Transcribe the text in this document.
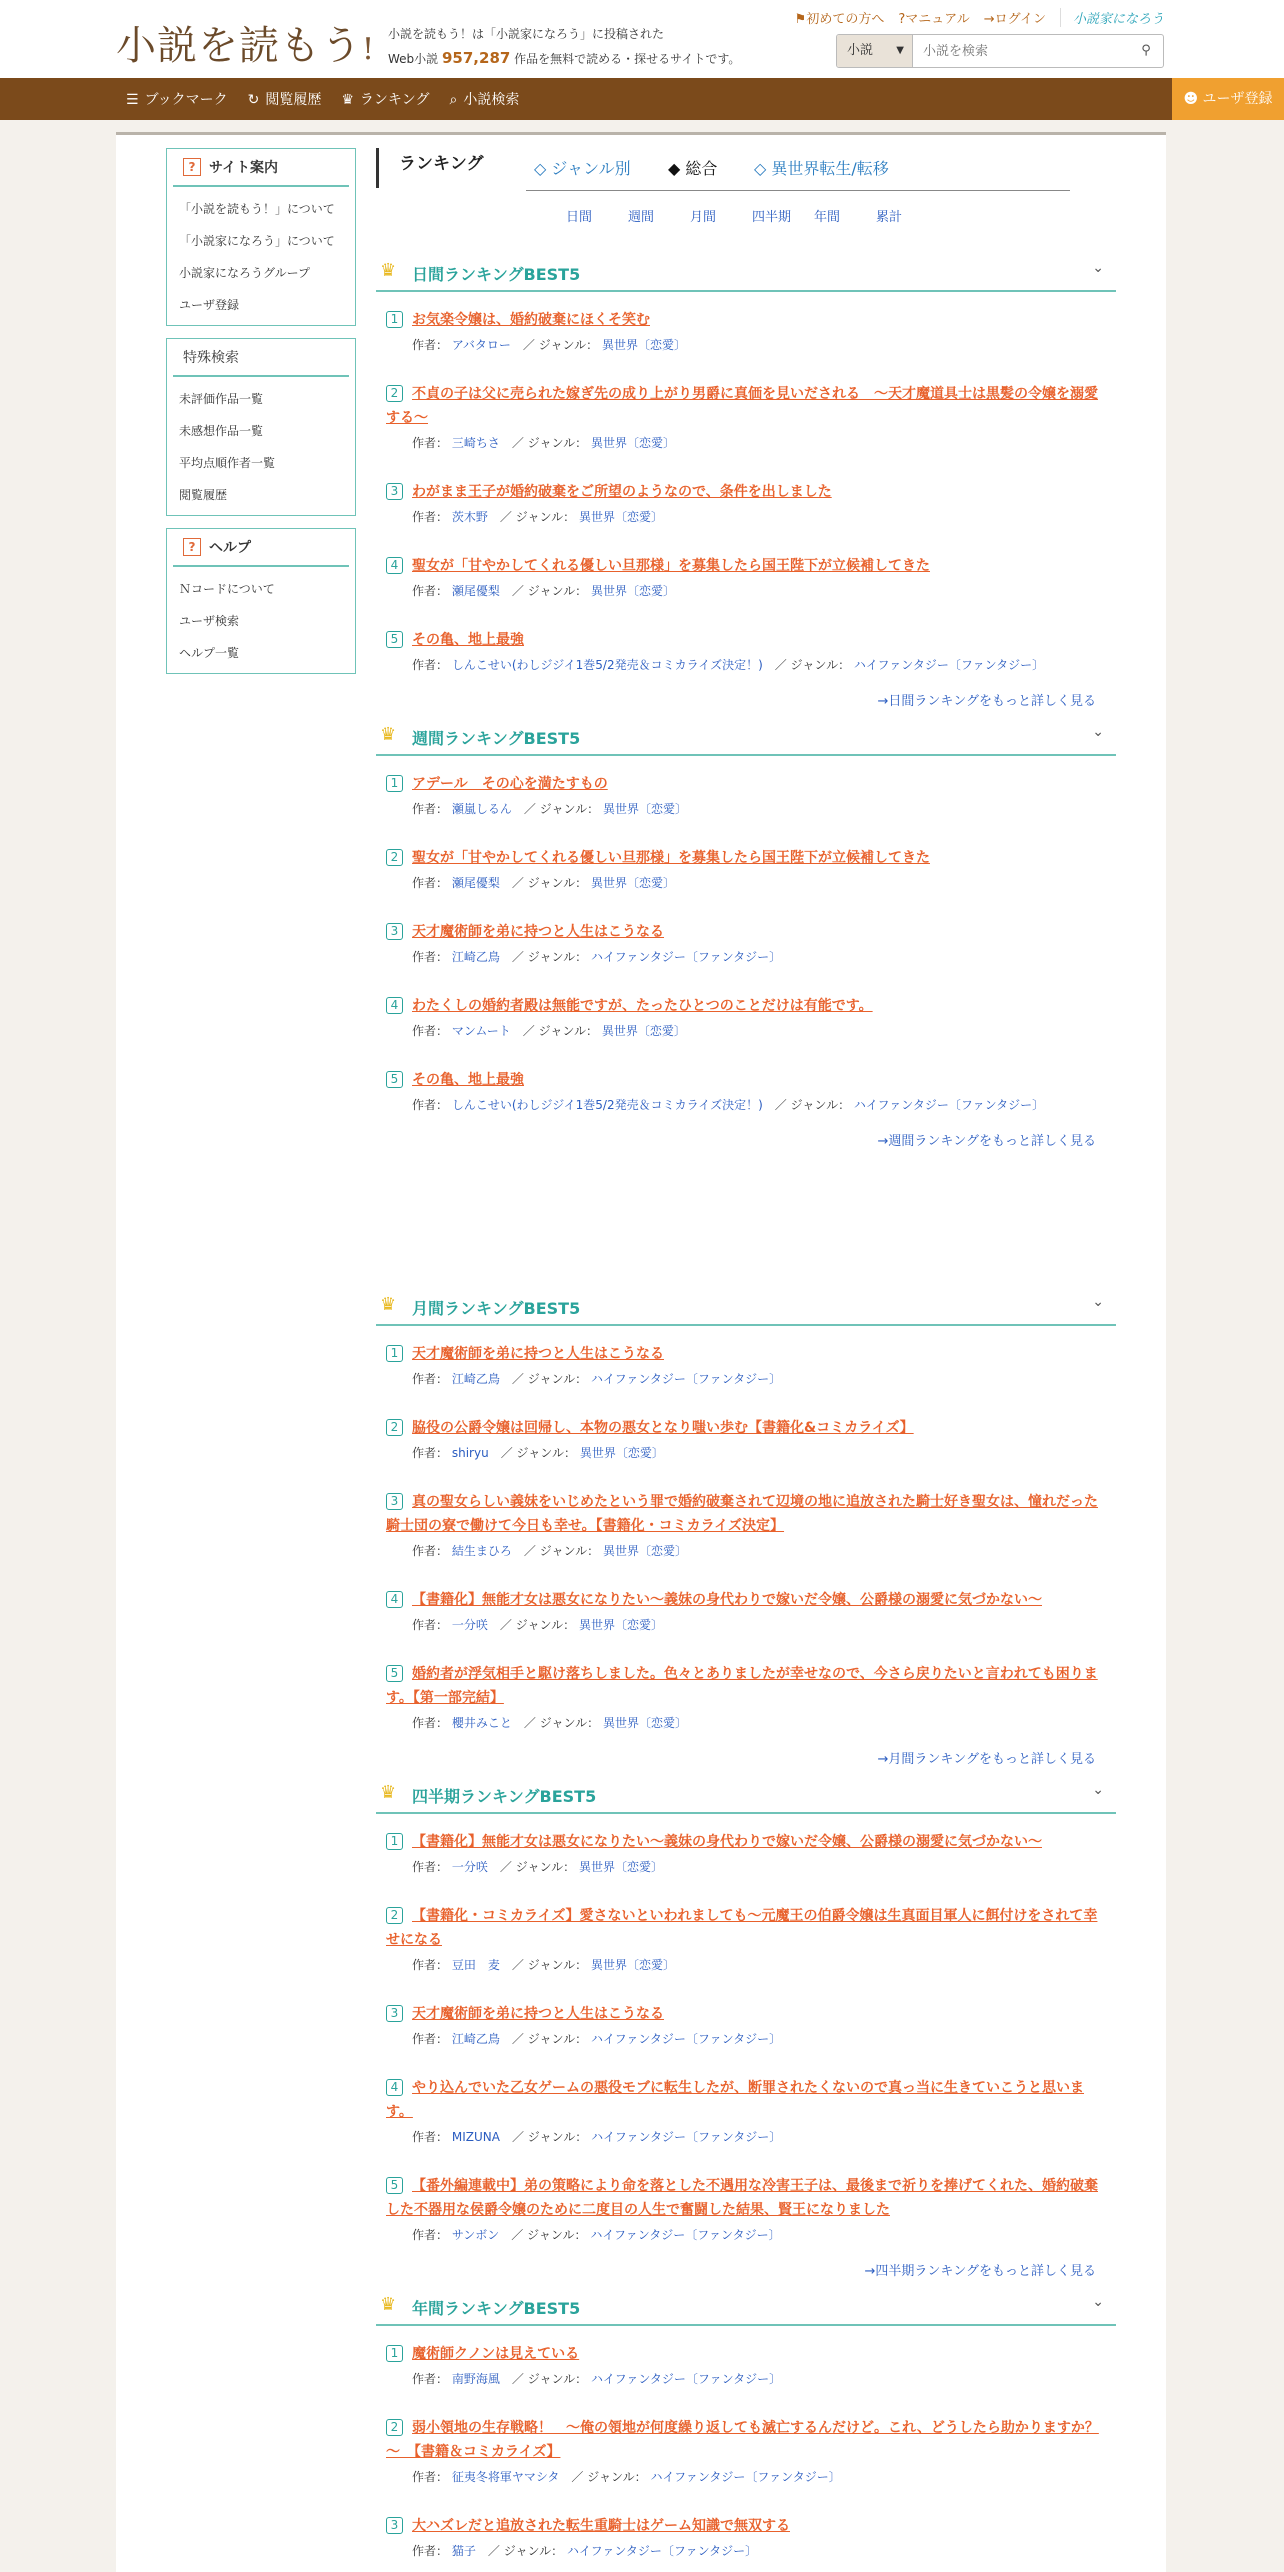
小説を読もう! 小説を読もう！は「小説家になろう」に投稿された
Web小説 957,287 作品を無料で読める・探せるサイトです。
⚑初めての方へ ?マニュアル →ログイン	小説家になろう
小説 ▼
小説を検索	⚲
☰ ブックマーク ↻ 閲覧履歴 ♛ ランキング ⌕ 小説検索	☻ ユーザ登録
? サイト案内
「小説を読もう！」について
「小説家になろう」について
小説家になろうグループ
ユーザ登録
特殊検索
未評価作品一覧
未感想作品一覧
平均点順作者一覧
閲覧履歴
? ヘルプ
Ｎコードについて
ユーザ検索
ヘルプ一覧
ランキング	◇ ジャンル別 ◆ 総合 ◇ 異世界転生/転移
日間	週間	月間	四半期	年間	累計
♛ 日間ランキングBEST5	⌄
1 お気楽令嬢は、婚約破棄にほくそ笑む
作者： アバタロー　 ／ ジャンル： 異世界〔恋愛〕
2 不貞の子は父に売られた嫁ぎ先の成り上がり男爵に真価を見いだされる　〜天才魔道具士は黒髪の令嬢を溺愛する〜
作者： 三崎ちさ　 ／ ジャンル： 異世界〔恋愛〕
3 わがまま王子が婚約破棄をご所望のようなので、条件を出しました
作者： 茨木野　 ／ ジャンル： 異世界〔恋愛〕
4 聖女が「甘やかしてくれる優しい旦那様」を募集したら国王陛下が立候補してきた
作者： 瀬尾優梨　 ／ ジャンル： 異世界〔恋愛〕
5 その亀、地上最強
作者： しんこせい(わしジジイ1巻5/2発売＆コミカライズ決定！)　 ／ ジャンル： ハイファンタジー〔ファンタジー〕
→日間ランキングをもっと詳しく見る
♛ 週間ランキングBEST5	⌄
1 アデール　その心を満たすもの
作者： 瀬嵐しるん　 ／ ジャンル： 異世界〔恋愛〕
2 聖女が「甘やかしてくれる優しい旦那様」を募集したら国王陛下が立候補してきた
作者： 瀬尾優梨　 ／ ジャンル： 異世界〔恋愛〕
3 天才魔術師を弟に持つと人生はこうなる
作者： 江崎乙鳥　 ／ ジャンル： ハイファンタジー〔ファンタジー〕
4 わたくしの婚約者殿は無能ですが、たったひとつのことだけは有能です。
作者： マンムート　 ／ ジャンル： 異世界〔恋愛〕
5 その亀、地上最強
作者： しんこせい(わしジジイ1巻5/2発売＆コミカライズ決定！)　 ／ ジャンル： ハイファンタジー〔ファンタジー〕
→週間ランキングをもっと詳しく見る
♛ 月間ランキングBEST5	⌄
1 天才魔術師を弟に持つと人生はこうなる
作者： 江崎乙鳥　 ／ ジャンル： ハイファンタジー〔ファンタジー〕
2 脇役の公爵令嬢は回帰し、本物の悪女となり嗤い歩む【書籍化&コミカライズ】
作者： shiryu　 ／ ジャンル： 異世界〔恋愛〕
3 真の聖女らしい義妹をいじめたという罪で婚約破棄されて辺境の地に追放された騎士好き聖女は、憧れだった騎士団の寮で働けて今日も幸せ。【書籍化・コミカライズ決定】
作者： 結生まひろ　 ／ ジャンル： 異世界〔恋愛〕
4 【書籍化】無能才女は悪女になりたい～義妹の身代わりで嫁いだ令嬢、公爵様の溺愛に気づかない～
作者： 一分咲　 ／ ジャンル： 異世界〔恋愛〕
5 婚約者が浮気相手と駆け落ちしました。色々とありましたが幸せなので、今さら戻りたいと言われても困ります。【第一部完結】
作者： 櫻井みこと　 ／ ジャンル： 異世界〔恋愛〕
→月間ランキングをもっと詳しく見る
♛ 四半期ランキングBEST5	⌄
1 【書籍化】無能才女は悪女になりたい～義妹の身代わりで嫁いだ令嬢、公爵様の溺愛に気づかない～
作者： 一分咲　 ／ ジャンル： 異世界〔恋愛〕
2 【書籍化・コミカライズ】愛さないといわれましても～元魔王の伯爵令嬢は生真面目軍人に餌付けをされて幸せになる
作者： 豆田　麦　 ／ ジャンル： 異世界〔恋愛〕
3 天才魔術師を弟に持つと人生はこうなる
作者： 江崎乙鳥　 ／ ジャンル： ハイファンタジー〔ファンタジー〕
4 やり込んでいた乙女ゲームの悪役モブに転生したが、断罪されたくないので真っ当に生きていこうと思います。
作者： MIZUNA　 ／ ジャンル： ハイファンタジー〔ファンタジー〕
5 【番外編連載中】弟の策略により命を落とした不遇用な冷害王子は、最後まで祈りを捧げてくれた、婚約破棄した不器用な侯爵令嬢のために二度目の人生で奮闘した結果、賢王になりました
作者： サンボン　 ／ ジャンル： ハイファンタジー〔ファンタジー〕
→四半期ランキングをもっと詳しく見る
♛ 年間ランキングBEST5	⌄
1 魔術師クノンは見えている
作者： 南野海風　 ／ ジャンル： ハイファンタジー〔ファンタジー〕
2 弱小領地の生存戦略！　～俺の領地が何度繰り返しても滅亡するんだけど。これ、どうしたら助かりますか？～　【書籍＆コミカライズ】
作者： 征夷冬将軍ヤマシタ　 ／ ジャンル： ハイファンタジー〔ファンタジー〕
3 大ハズレだと追放された転生重騎士はゲーム知識で無双する
作者： 猫子　 ／ ジャンル： ハイファンタジー〔ファンタジー〕
